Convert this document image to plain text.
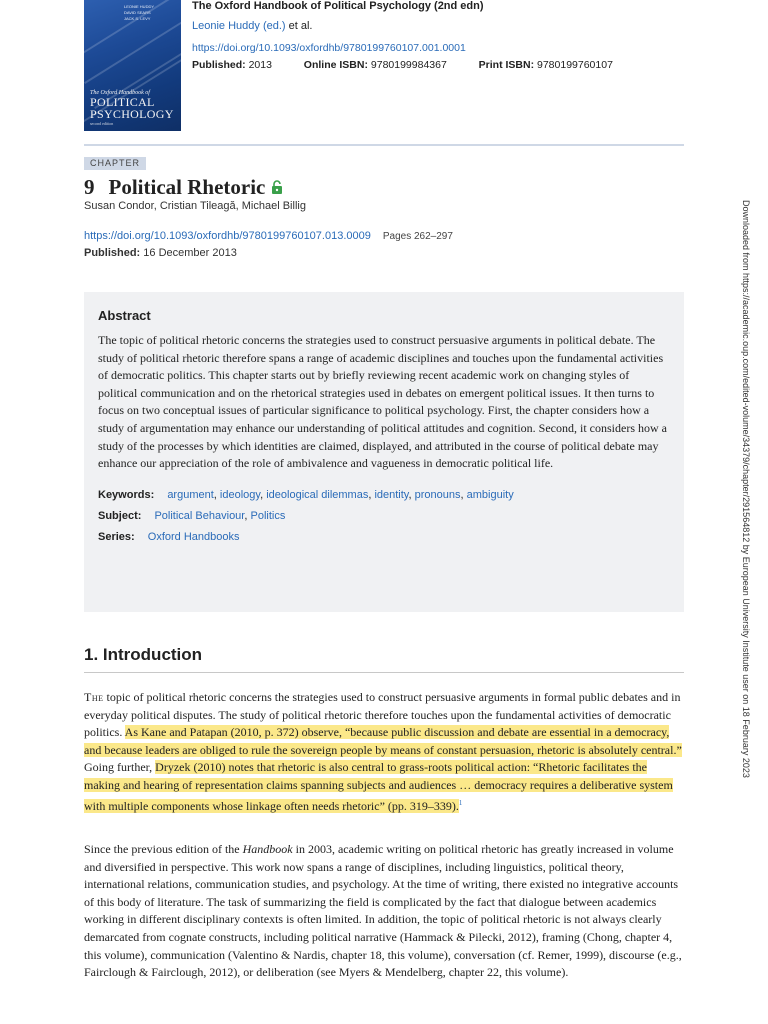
LEONIE HUDDY
DAVID SEARS
JACK S. LEVY
The Oxford Handbook of
POLITICAL PSYCHOLOGY
second edition
The Oxford Handbook of Political Psychology (2nd edn)
Leonie Huddy (ed.) et al.
https://doi.org/10.1093/oxfordhb/9780199760107.001.0001
Published: 2013	Online ISBN: 9780199984367	Print ISBN: 9780199760107
CHAPTER
9 Political Rhetoric
Susan Condor, Cristian Tileagă, Michael Billig
https://doi.org/10.1093/oxfordhb/9780199760107.013.0009 Pages 262–297
Published: 16 December 2013
Abstract
The topic of political rhetoric concerns the strategies used to construct persuasive arguments in political debate. The study of political rhetoric therefore spans a range of academic disciplines and touches upon the fundamental activities of democratic politics. This chapter starts out by briefly reviewing recent academic work on changing styles of political communication and on the rhetorical strategies used in debates on emergent political issues. It then turns to focus on two conceptual issues of particular significance to political psychology. First, the chapter considers how a study of argumentation may enhance our understanding of political attitudes and cognition. Second, it considers how a study of the processes by which identities are claimed, displayed, and attributed in the course of political debate may enhance our appreciation of the role of ambivalence and vagueness in democratic political life.
Keywords: argument, ideology, ideological dilemmas, identity, pronouns, ambiguity
Subject: Political Behaviour, Politics
Series: Oxford Handbooks
1. Introduction
The topic of political rhetoric concerns the strategies used to construct persuasive arguments in formal public debates and in everyday political disputes. The study of political rhetoric therefore touches upon the fundamental activities of democratic politics. As Kane and Patapan (2010, p. 372) observe, “because public discussion and debate are essential in a democracy, and because leaders are obliged to rule the sovereign people by means of constant persuasion, rhetoric is absolutely central.” Going further, Dryzek (2010) notes that rhetoric is also central to grass-roots political action: “Rhetoric facilitates the making and hearing of representation claims spanning subjects and audiences … democracy requires a deliberative system with multiple components whose linkage often needs rhetoric” (pp. 319–339).$^1$
Since the previous edition of the Handbook in 2003, academic writing on political rhetoric has greatly increased in volume and diversified in perspective. This work now spans a range of disciplines, including linguistics, political theory, international relations, communication studies, and psychology. At the time of writing, there existed no integrative accounts of this body of literature. The task of summarizing the field is complicated by the fact that dialogue between academics working in different disciplinary contexts is often limited. In addition, the topic of political rhetoric is not always clearly demarcated from cognate constructs, including political narrative (Hammack & Pilecki, 2012), framing (Chong, chapter 4, this volume), communication (Valentino & Nardis, chapter 18, this volume), conversation (cf. Remer, 1999), discourse (e.g., Fairclough & Fairclough, 2012), or deliberation (see Myers & Mendelberg, chapter 22, this volume).
Downloaded from https://academic.oup.com/edited-volume/34379/chapter/291564812 by European University Institute user on 18 February 2023
